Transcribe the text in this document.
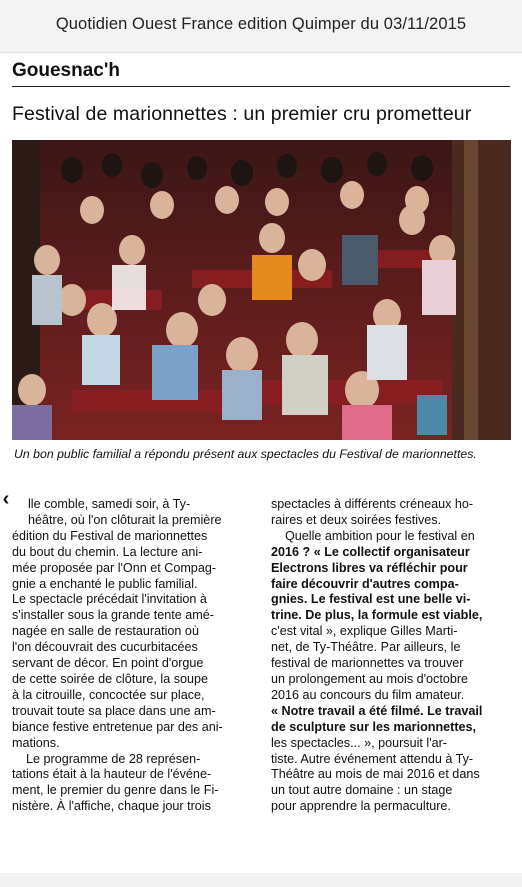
Quotidien Ouest France edition Quimper du 03/11/2015
Gouesnac'h
Festival de marionnettes : un premier cru prometteur
Un bon public familial a répondu présent aux spectacles du Festival de marionnettes.
‹	lle comble, samedi soir, à Ty-

héâtre, où l'on clôturait la première

édition du Festival de marionnettes

du bout du chemin. La lecture ani-

mée proposée par l'Onn et Compag-

gnie a enchanté le public familial.

Le spectacle précédait l'invitation à

s'installer sous la grande tente amé-

nagée en salle de restauration où

l'on découvrait des cucurbitacées

servant de décor. En point d'orgue

de cette soirée de clôture, la soupe

à la citrouille, concoctée sur place,

trouvait toute sa place dans une am-

biance festive entretenue par des ani-

mations.

Le programme de 28 représen-

tations était à la hauteur de l'événe-

ment, le premier du genre dans le Fi-

nistère. À l'affiche, chaque jour trois

spectacles à différents créneaux ho-

raires et deux soirées festives.

Quelle ambition pour le festival en

2016 ? « Le collectif organisateur

Electrons libres va réfléchir pour

faire découvrir d'autres compa-

gnies. Le festival est une belle vi-

trine. De plus, la formule est viable,

c'est vital », explique Gilles Marti-

net, de Ty-Théâtre. Par ailleurs, le

festival de marionnettes va trouver

un prolongement au mois d'octobre

2016 au concours du film amateur.

« Notre travail a été filmé. Le travail

de sculpture sur les marionnettes,

les spectacles... », poursuit l'ar-

tiste. Autre événement attendu à Ty-

Théâtre au mois de mai 2016 et dans

un tout autre domaine : un stage

pour apprendre la permaculture.
